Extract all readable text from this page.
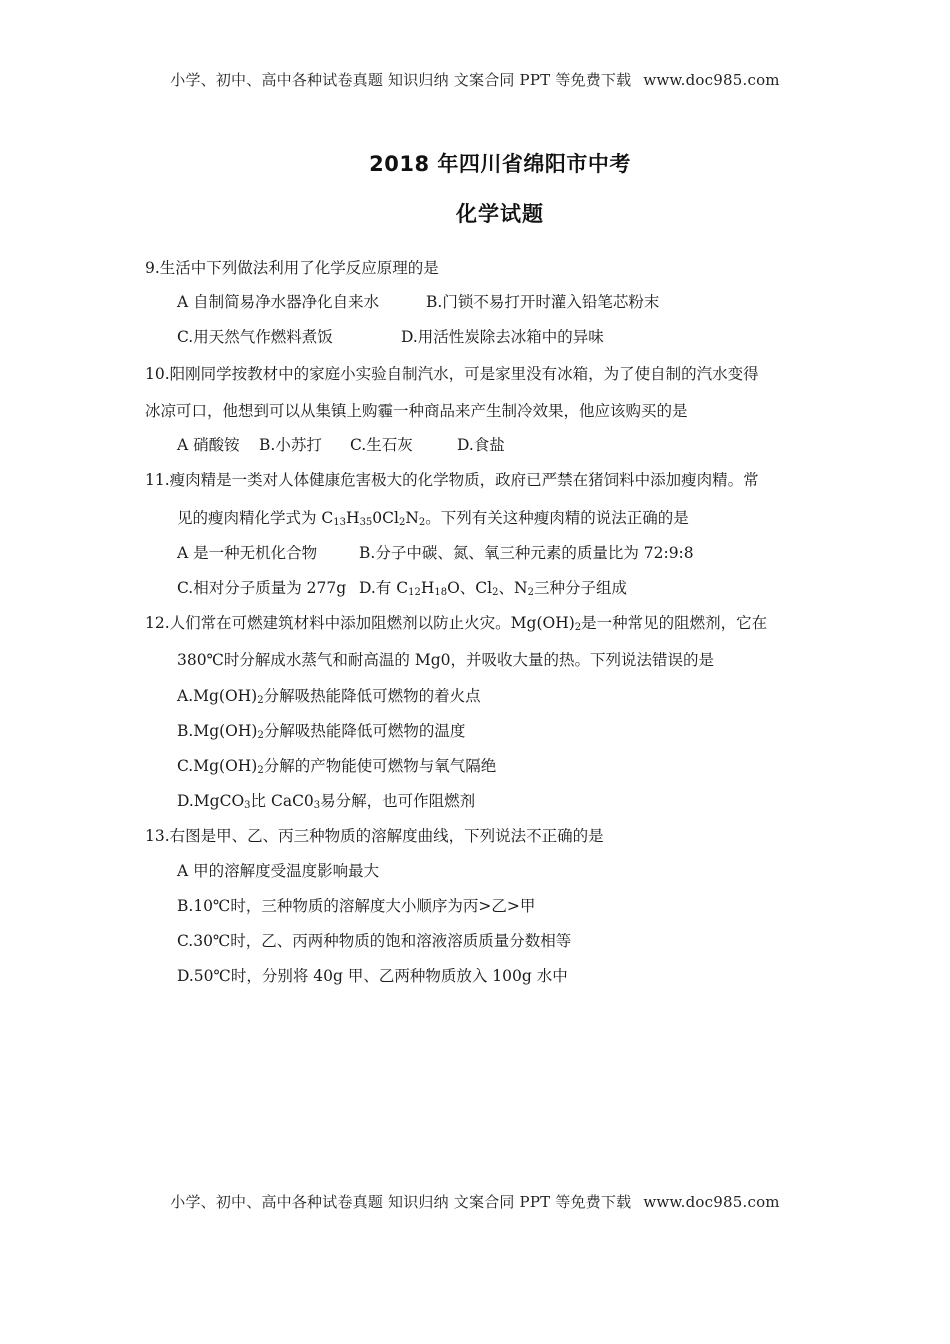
小学、初中、高中各种试卷真题 知识归纳 文案合同 PPT 等免费下载 www.doc985.com
2018 年四川省绵阳市中考
化学试题
9.生活中下列做法利用了化学反应原理的是
A 自制简易净水器净化自来水	B.门锁不易打开时灌入铅笔芯粉末
C.用天然气作燃料煮饭	D.用活性炭除去冰箱中的异味
10.阳刚同学按教材中的家庭小实验自制汽水，可是家里没有冰箱，为了使自制的汽水变得
冰凉可口，他想到可以从集镇上购霾一种商品来产生制冷效果，他应该购买的是
A 硝酸铵 B.小苏打 C.生石灰	D.食盐
11.瘦肉精是一类对人体健康危害极大的化学物质，政府已严禁在猪饲料中添加瘦肉精。常
见的瘦肉精化学式为 $C_{13}H_{35}0Cl_2N_2$。下列有关这种瘦肉精的说法正确的是
A 是一种无机化合物	B.分子中碳、氮、氧三种元素的质量比为 72:9:8
C.相对分子质量为 277g D.有 $C_{12}H_{18}O$、$Cl_2$、$N_2$三种分子组成
12.人们常在可燃建筑材料中添加阻燃剂以防止火灾。$Mg(OH)_2$是一种常见的阻燃剂，它在
380℃时分解成水蒸气和耐高温的 Mg0，并吸收大量的热。下列说法错误的是
$A.Mg(OH)_2$分解吸热能降低可燃物的着火点
$B.Mg(OH)_2$分解吸热能降低可燃物的温度
$C.Mg(OH)_2$分解的产物能使可燃物与氧气隔绝
D.MgCO$_3$比 $CaC0_3$易分解，也可作阻燃剂
13.右图是甲、乙、丙三种物质的溶解度曲线，下列说法不正确的是
A 甲的溶解度受温度影响最大
B.10℃时，三种物质的溶解度大小顺序为丙>乙>甲
C.30℃时，乙、丙两种物质的饱和溶液溶质质量分数相等
D.50℃时，分别将 40g 甲、乙两种物质放入 100g 水中
小学、初中、高中各种试卷真题 知识归纳 文案合同 PPT 等免费下载 www.doc985.com
